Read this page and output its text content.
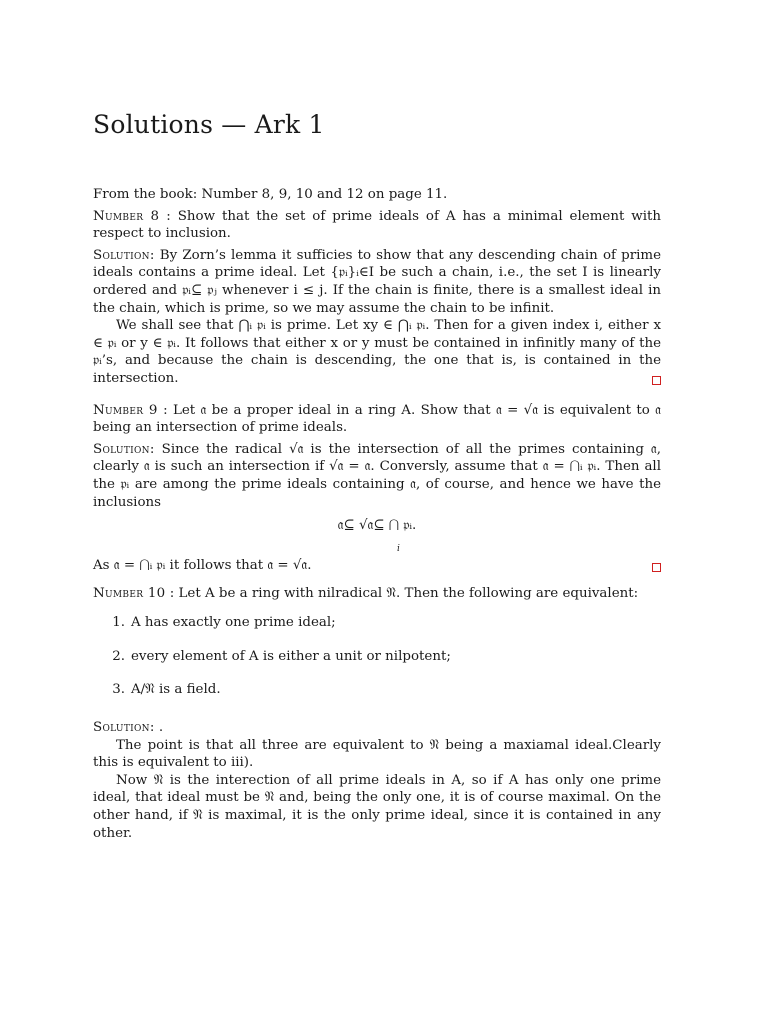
Solutions — Ark 1

From the book: Number 8, 9, 10 and 12 on page 11.

Number 8 : Show that the set of prime ideals of A has a minimal element with respect to inclusion.

Solution: By Zorn’s lemma it sufficies to show that any descending chain of prime ideals contains a prime ideal. Let {𝔭ᵢ}ᵢ∈I be such a chain, i.e., the set I is linearly ordered and 𝔭ᵢ⊆ 𝔭ⱼ whenever i ≤ j. If the chain is finite, there is a smallest ideal in the chain, which is prime, so we may assume the chain to be infinit.

We shall see that ⋂ᵢ 𝔭ᵢ is prime. Let xy ∈ ⋂ᵢ 𝔭ᵢ. Then for a given index i, either x ∈ 𝔭ᵢ or y ∈ 𝔭ᵢ. It follows that either x or y must be contained in infinitly many of the 𝔭ᵢ’s, and because the chain is descending, the one that is, is contained in the intersection.

Number 9 : Let 𝔞 be a proper ideal in a ring A. Show that 𝔞 = √𝔞 is equivalent to 𝔞 being an intersection of prime ideals.

Solution: Since the radical √𝔞 is the intersection of all the primes containing 𝔞, clearly 𝔞 is such an intersection if √𝔞 = 𝔞. Conversly, assume that 𝔞 = ⋂ᵢ 𝔭ᵢ. Then all the 𝔭ᵢ are among the prime ideals containing 𝔞, of course, and hence we have the inclusions

𝔞⊆ √𝔞⊆ ⋂ 𝔭ᵢ.
i

As 𝔞 = ⋂ᵢ 𝔭ᵢ it follows that 𝔞 = √𝔞.

Number 10 : Let A be a ring with nilradical 𝔑. Then the following are equivalent:

1. A has exactly one prime ideal;
2. every element of A is either a unit or nilpotent;
3. A/𝔑 is a field.

Solution: .

The point is that all three are equivalent to 𝔑 being a maxiamal ideal.Clearly this is equivalent to iii).

Now 𝔑 is the interection of all prime ideals in A, so if A has only one prime ideal, that ideal must be 𝔑 and, being the only one, it is of course maximal. On the other hand, if 𝔑 is maximal, it is the only prime ideal, since it is contained in any other.
